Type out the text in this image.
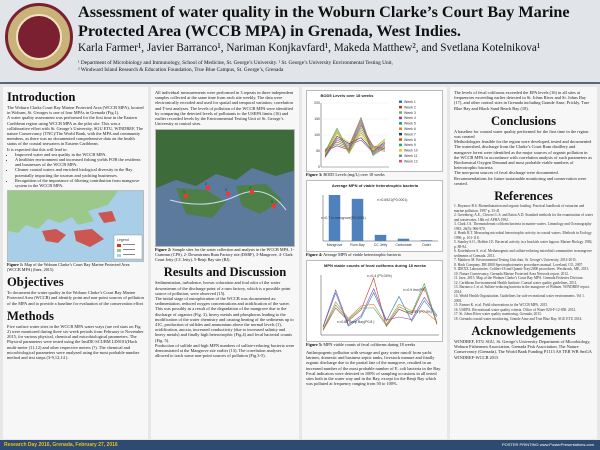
Assessment of water quality in the Woburn Clarke’s Court Bay Marine Protected Area (WCCB MPA) in Grenada, West Indies.
Karla Farmer¹, Javier Barranco¹, Nariman Konjkavfard¹, Makeda Matthew², and Svetlana Kotelnikova¹
¹ Department of Microbiology and Immunology, School of Medicine, St. George’s University. ² St. George’s University Environmental Testing Unit,
² Windward Island Research & Education Foundation, True Blue Campus, St. George’s, Grenada
Introduction

The Woburn Clarks Court Bay Marine Protected Area (WCCB MPA), located in Woburn, St. Georges is one of four MPAs in Grenada (Fig.1).

A water quality assessment was performed for the first time in the Eastern Caribbean region using WCCB MPA as the pilot site. This was a collaborative effort with St. George’s University, SGU ETU, WINDREF, The nature Conservancy (TNC)/The World Bank, with the MPA and community members, as there was no documented comprehensive data on the health status of the coastal seawaters in Eastern Caribbean.

It is expected that this will lead to:

• Improved water and sea quality in the WCCB MPA.
• A healthier environment and increased fishing yields FOR the residents and businesses of the WCCB MPA.
• Cleaner coastal waters and enriched biological diversity in the Bay potentially impacting the tourism and yachting businesses.
• Recognition of the importance of filtering contribution from mangrove system in the WCCB MPA.
Legend
Figure 1: Map of the Woburn Clarke’s Court Bay Marine Protected Area (WCCB MPA) (Inez, 2015)
Objectives
To document the water quality in the Woburn Clarke’s Court Bay Marine Protected Area (WCCB) and identify point and non-point sources of pollution of the MPA and to provide a baseline for evaluation of the conservation effort
Methods
Five surface water sites in the WCCB MPA water ways (are red stars on Fig. 2) were monitored during three six-week periods from February to November 2015, for various physical, chemical and microbiological parameters. The Physical parameters were tested using the InsiDE-SCUBM LD0101(Hach multi-meter (11,12) and other respective meters (?). The chemical and microbiological parameters were analyzed using the most probable number method and test strips (3-9,12,14 ).
All individual measurements were performed in 3 repeats in three independent samples collected at the same time from each site weekly. The data were electronically recorded and used for spatial and temporal variation, correlation and T-test analyses. The levels of pollution of the WCCB MPA were identified by comparing the detected levels of pollutants to the USEPA limits (16) and earlier recorded levels by the Environmental Testing Unit of St. George’s University at control sites.
1
2
3	4
5
Figure 2: Sample sites for the water collection and analysis in the WCCB MPA, 1- Craneum (CPS), 2- Downstream Rum Factory site (DSRF), 3-Mangrove, 4- Clark Court Jetty (CC Jetty), 5-Benji Bay site (BJ).
Results and Discussion

Sedimentation, turbulence, brown coloration and foul odor of the water downstream of the discharge point of a rum factory, which is a possible point source of pollution, were observed (15).

The initial stage of eutrophication of the WCCB was documented as: sedimentation, reduced oxygen concentrations and acidification of the water. This was possibly as a result of the degradation of the mangrove due to the discharge of organics (Fig. 3), heavy metals and phosphorus leading to the modification of the water chemistry and causing heating of the sediments up to 41C, production of sulfides and ammonium above the normal levels (1), acidification, anoxia, increased conductivity (due to increased salinity and heavy metals) and finally high heterotrophic (Fig.4) and fecal bacterial counts (Fig. 5).

Production of sulfide and high MPN numbers of sulfate-reducing bacteria were demonstrated at the Mangrove site earlier (13). The correlation analyses allowed to track some non-point sources of pollution (Fig.3-5).

BOD5 Levels over 18 weeks
0
50
100
150
200	Week 1
Week 2
Week 3
Week 4
Week 5
Week 6
Week 7
Week 8
Week 9
Week 10
Week 11
Week 12
Figure 3: BOD5 Levels (mg/L) over 18 weeks
Average MPN of viable heterotrophic bacteria
Mangrove Rum Bay	CC Jetty Carbonate	Outer
r²=0.6921(P0.0001)
r²=0.7 in mangrove(P0.0001)
Figure 4: Average MPN of viable heterotrophic bacteria
MPN viable counts of fecal coliforms during 18 weeks
r²=0.4 (P0.04%)
r²=0.88 Benji Bay(P0.8 )
r²=0.9 few(P9)
r²=0.53 (P0.3%)
Figure 5: MPN viable counts of fecal coliforms during 18 weeks
Anthropogenic pollution with sewage and gray water runoff from yacht latrines, domestic and business septic tanks, livestock manure and finally organic discharge due to the partial fate of the mangrove, resulted in an increased number of the most probable number of E. coli bacteria in the Bay.
Fecal indicators were detected in 100% of sampling occasions in all tested sites both in the water way and in the Bay, except for the Benji Bay which was polluted at frequency ranging from 50 to 100%.
The levels of fecal coliforms exceeded the EPA levels (16) in all sites at frequencies exceeding earlier detected in St. Johns River and St. Johns Bay (17), and other control sites in Grenada including Grande Anse, Prickly, True Blue Bay and Black Sand Beach Bay (18).
Conclusions

A baseline for coastal water quality performed for the first time in the region was created

Methodologies feasible for the region were developed, tested and documented

The watershed, discharge from the Clarke’s Court Rum distillery and mangrove forest were identified as the major sources of organic pollution in the WCCB MPA in accordance with correlation analysis of such parameters as Biochemical Oxygen Demand and most probable viable numbers of heterotrophic bacteria.

The non-point sources of fecal discharge were documented.

Recommendations for future sustainable monitoring and conservation were created.

References

1. Boyanov B.S. Biomethanation and organic loading. Practical handbook of estuarine and marine pollution. 1997 p. 33-41

2. Greenberg, A.E., Clesceri L.S. and Eaton A.D. Standard methods for the examination of water and wastewater, 18th ed. APHA 1992.

3. Clark J.A. Thermotolerant coliform bacteria in marine waters. Limnology and Oceanography 1981; 26(5): 966-970.

4. Heath R.T. Measuring microbial heterotrophic activity in coastal waters. Methods in Ecology 1990; p. 101-118.

5. Stanley S.O., Hobbie J.E. Bacterial activity in a brackish water lagoon. Marine Biology 1982; p. 88-94.

6. Kotelnikova S. et al. Methanogenic and sulfate-reducing microbial communities in mangrove sediments of Grenada. 2013.

7. Matthew M. Environmental Testing Unit data, St. George’s University, 2014-2015.

8. Hach Company. DR 2800 Spectrophotometer procedures manual. Loveland, CO, 2007.

9. IDEXX Laboratories. Colilert-18 and Quanti-Tray/2000 procedures. Westbrook, ME, 2013.

10. Nature Conservancy. Grenada Marine Protected Area Network report. 2012.

11. Inez, 2015. Map of the Woburn Clarke’s Court Bay MPA. Grenada Fisheries Division.

12. Caribbean Environmental Health Institute. Coastal water quality guidelines, 2011.

13. Barranco J. et al. Sulfate-reducing bacteria in the mangrove of Woburn. WINDREF report, 2014.

14. World Health Organization. Guidelines for safe recreational water environments. Vol 1. 2003.

15. Farmer K. et al. Field observations in the WCCB MPA, 2015.

16. USEPA. Recreational water quality criteria. Office of Water 820-F-12-058. 2012.

17. St. Johns River water quality monitoring. Grenada, 2013.

18. Grenada coastal water monitoring, Grande Anse and True Blue Bay. SGU ETU 2014.

Acknowledgements
WINDREF, ETU SGU, St. George’s University Department of Microbiology, Woburn Fishermen Association, Grenada Fish Association, The Nature Conservancy (Grenada), The World Bank Funding P1113 AS TER WB SmGA WINDREF-WCCB 2015
Research Day 2016, Grenada, February 27, 2016	POSTER PRINTING www.PosterPresentations.com
